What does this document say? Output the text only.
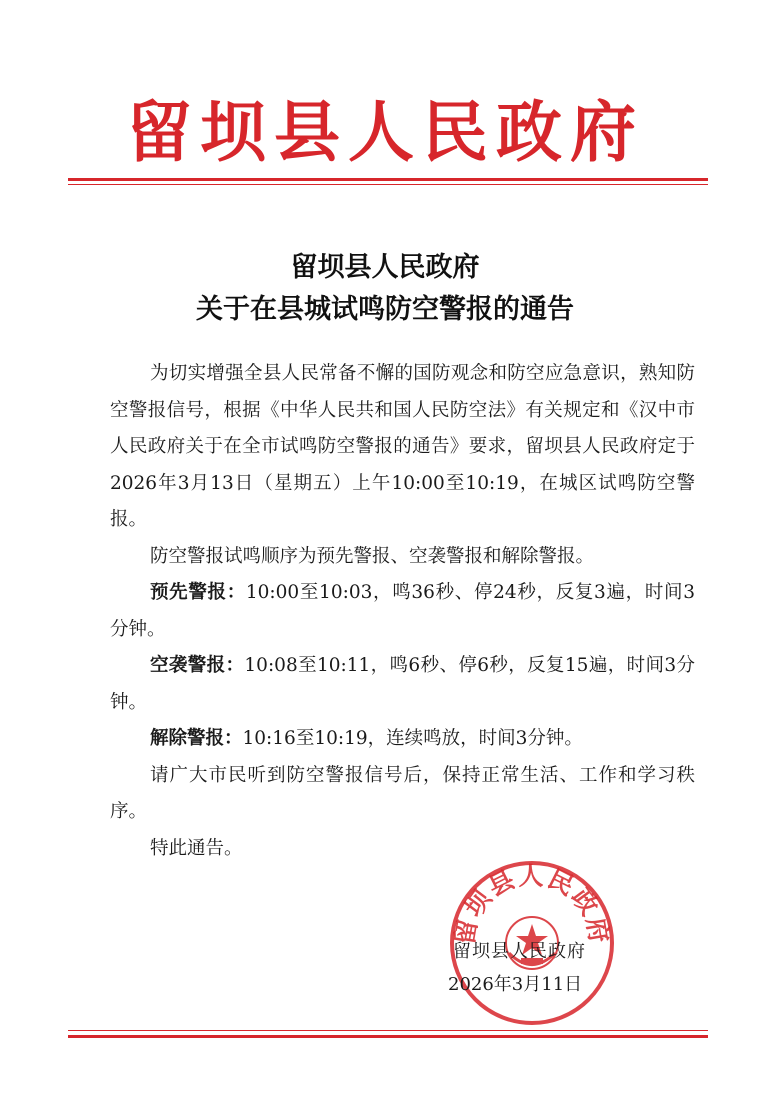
留坝县人民政府
留坝县人民政府
关于在县城试鸣防空警报的通告

为切实增强全县人民常备不懈的国防观念和防空应急意识，熟知防空警报信号，根据《中华人民共和国人民防空法》有关规定和《汉中市人民政府关于在全市试鸣防空警报的通告》要求，留坝县人民政府定于2026年3月13日（星期五）上午10:00至10:19，在城区试鸣防空警报。

防空警报试鸣顺序为预先警报、空袭警报和解除警报。

预先警报：10:00至10:03，鸣36秒、停24秒，反复3遍，时间3分钟。

空袭警报：10:08至10:11，鸣6秒、停6秒，反复15遍，时间3分钟。

解除警报：10:16至10:19，连续鸣放，时间3分钟。

请广大市民听到防空警报信号后，保持正常生活、工作和学习秩序。

特此通告。

留坝县人民政府
留坝县人民政府
2026年3月11日
